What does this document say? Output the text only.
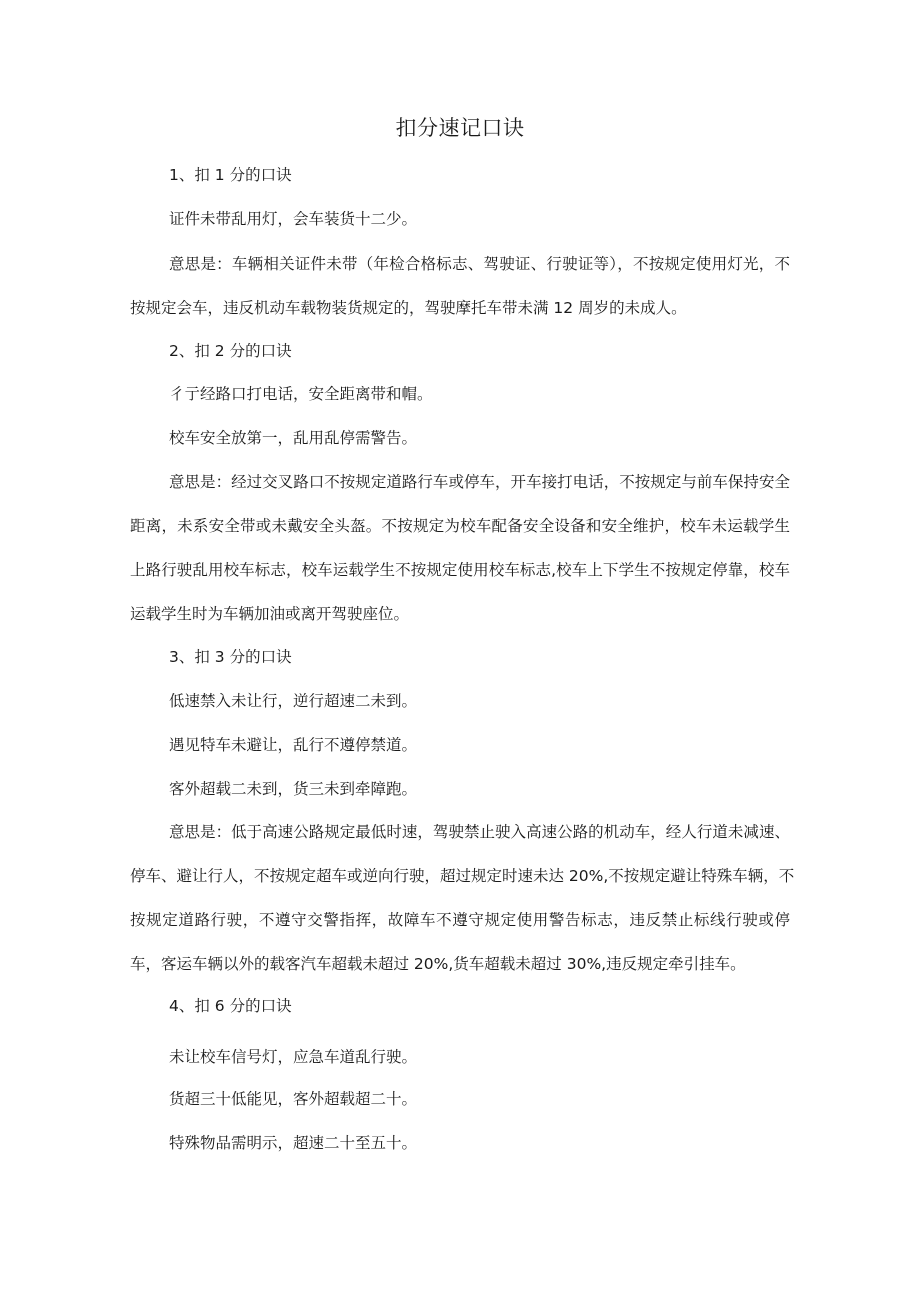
扣分速记口诀

1、扣 1 分的口诀

证件未带乱用灯，会车装货十二少。

意思是：车辆相关证件未带（年检合格标志、驾驶证、行驶证等），不按规定使用灯光，不

按规定会车，违反机动车载物装货规定的，驾驶摩托车带未满 12 周岁的未成人。

2、扣 2 分的口诀

彳亍经路口打电话，安全距离带和帽。

校车安全放第一，乱用乱停需警告。

意思是：经过交叉路口不按规定道路行车或停车，开车接打电话，不按规定与前车保持安全

距离，未系安全带或未戴安全头盔。不按规定为校车配备安全设备和安全维护，校车未运载学生

上路行驶乱用校车标志，校车运载学生不按规定使用校车标志,校车上下学生不按规定停靠，校车

运载学生时为车辆加油或离开驾驶座位。

3、扣 3 分的口诀

低速禁入未让行，逆行超速二未到。

遇见特车未避让，乱行不遵停禁道。

客外超载二未到，货三未到牵障跑。

意思是：低于高速公路规定最低时速，驾驶禁止驶入高速公路的机动车，经人行道未减速、

停车、避让行人，不按规定超车或逆向行驶，超过规定时速未达 20%,不按规定避让特殊车辆，不

按规定道路行驶，不遵守交警指挥，故障车不遵守规定使用警告标志，违反禁止标线行驶或停

车，客运车辆以外的载客汽车超载未超过 20%,货车超载未超过 30%,违反规定牵引挂车。

4、扣 6 分的口诀

未让校车信号灯，应急车道乱行驶。

货超三十低能见，客外超载超二十。

特殊物品需明示，超速二十至五十。
